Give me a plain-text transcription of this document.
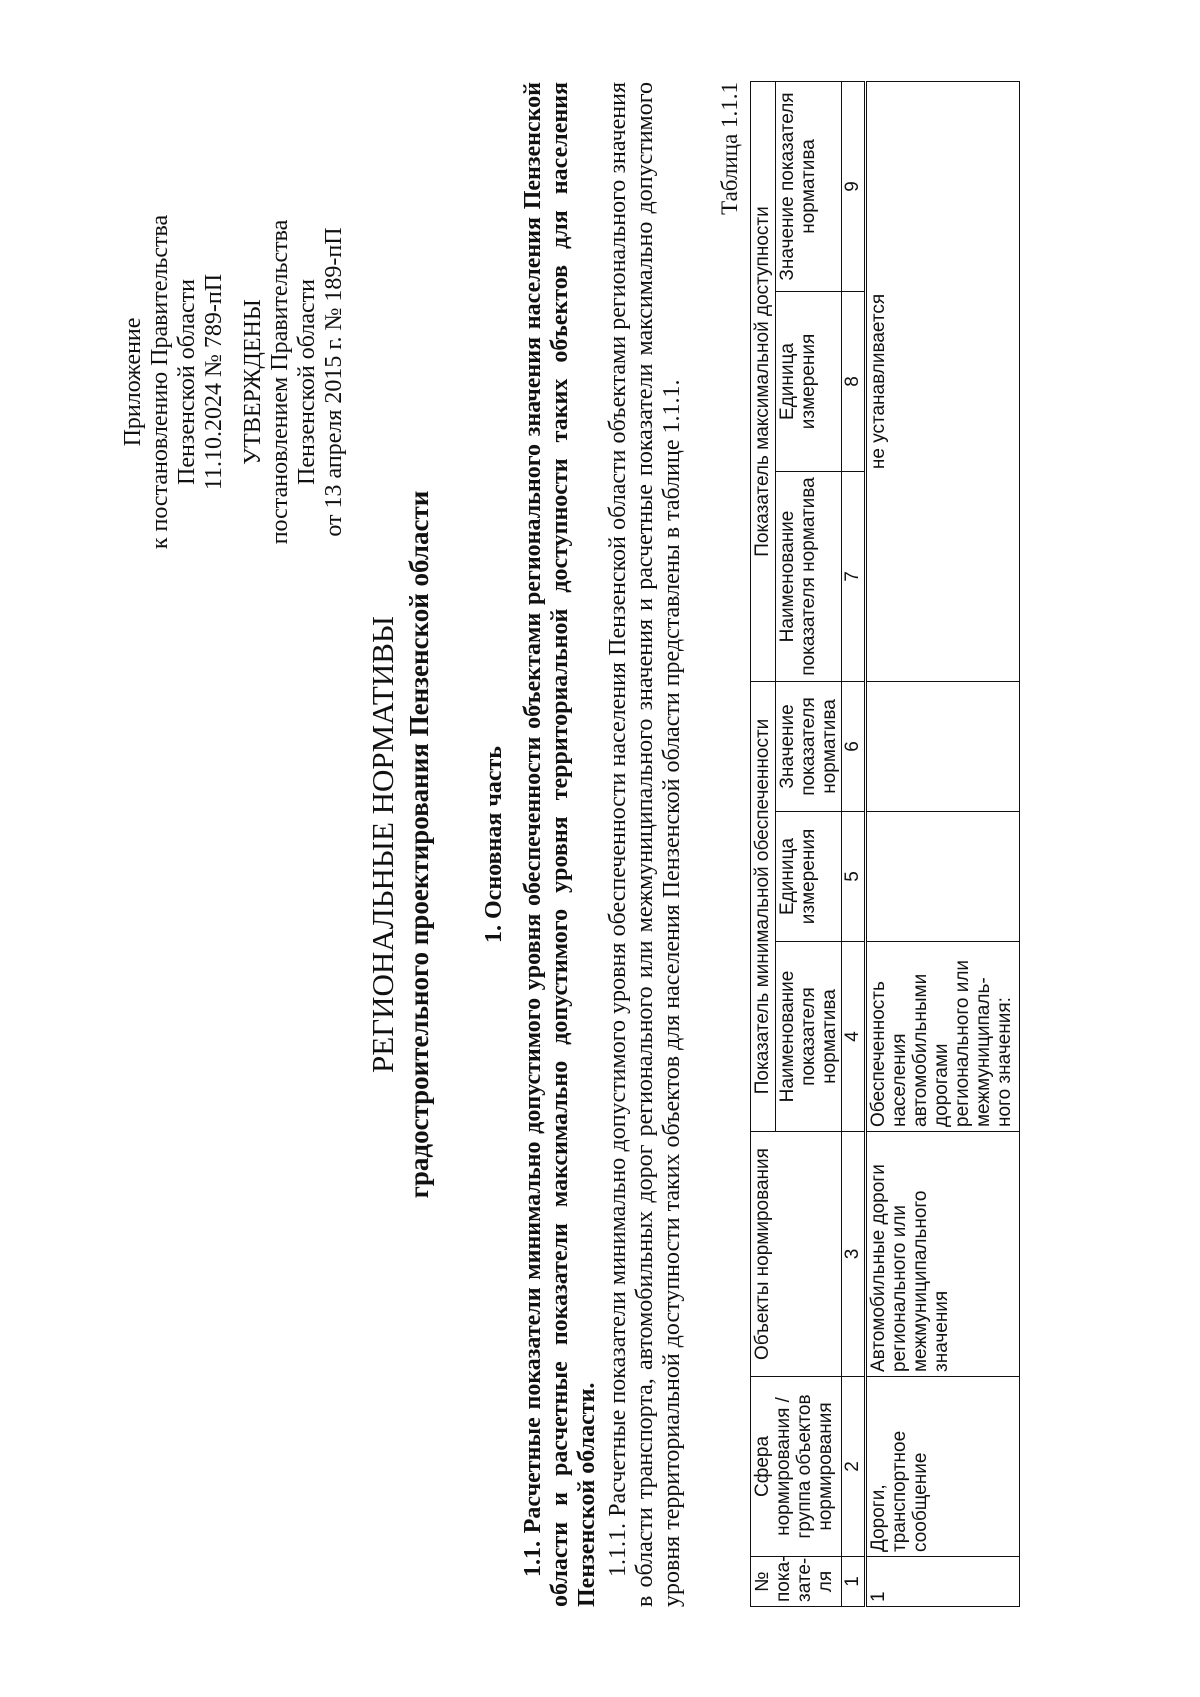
Приложение к постановлению Правительства Пензенской области 11.10.2024 № 789-пП УТВЕРЖДЕНЫ постановлением Правительства Пензенской области от 13 апреля 2015 г. № 189-пП
РЕГИОНАЛЬНЫЕ НОРМАТИВЫ градостроительного проектирования Пензенской области 1. Основная часть 1.1. Расчетные показатели минимально допустимого уровня обеспеченности объектами регионального значения населения Пензенской области и расчетные показатели максимально допустимого уровня территориальной доступности таких объектов для населения Пензенской области. 1.1.1. Расчетные показатели минимально допустимого уровня обеспеченности населения Пензенской области объектами регионального значения в области транспорта, автомобильных дорог регионального или межмуниципального значения и расчетные показатели максимально допустимого уровня территориальной доступности таких объектов для населения Пензенской области представлены в таблице 1.1.1.
Таблица 1.1.1
№ пока-зате-ля	Сфера нормирования / группа объектов нормирования	Объекты нормирования	Показатель минимальной обеспеченности			Показатель максимальной доступности		
			Наименование показателя норматива	Единица измерения	Значение показателя норматива	Наименование показателя норматива	Единица измерения	Значение показателя норматива
1	2	3	4	5	6	7	8	9
1	Дороги, транспортное сообщение	Автомобильные дороги регионального или межмуниципального значения	Обеспеченность населения автомобильными дорогами регионального или межмуниципаль-ного значения:			не устанавливается		
